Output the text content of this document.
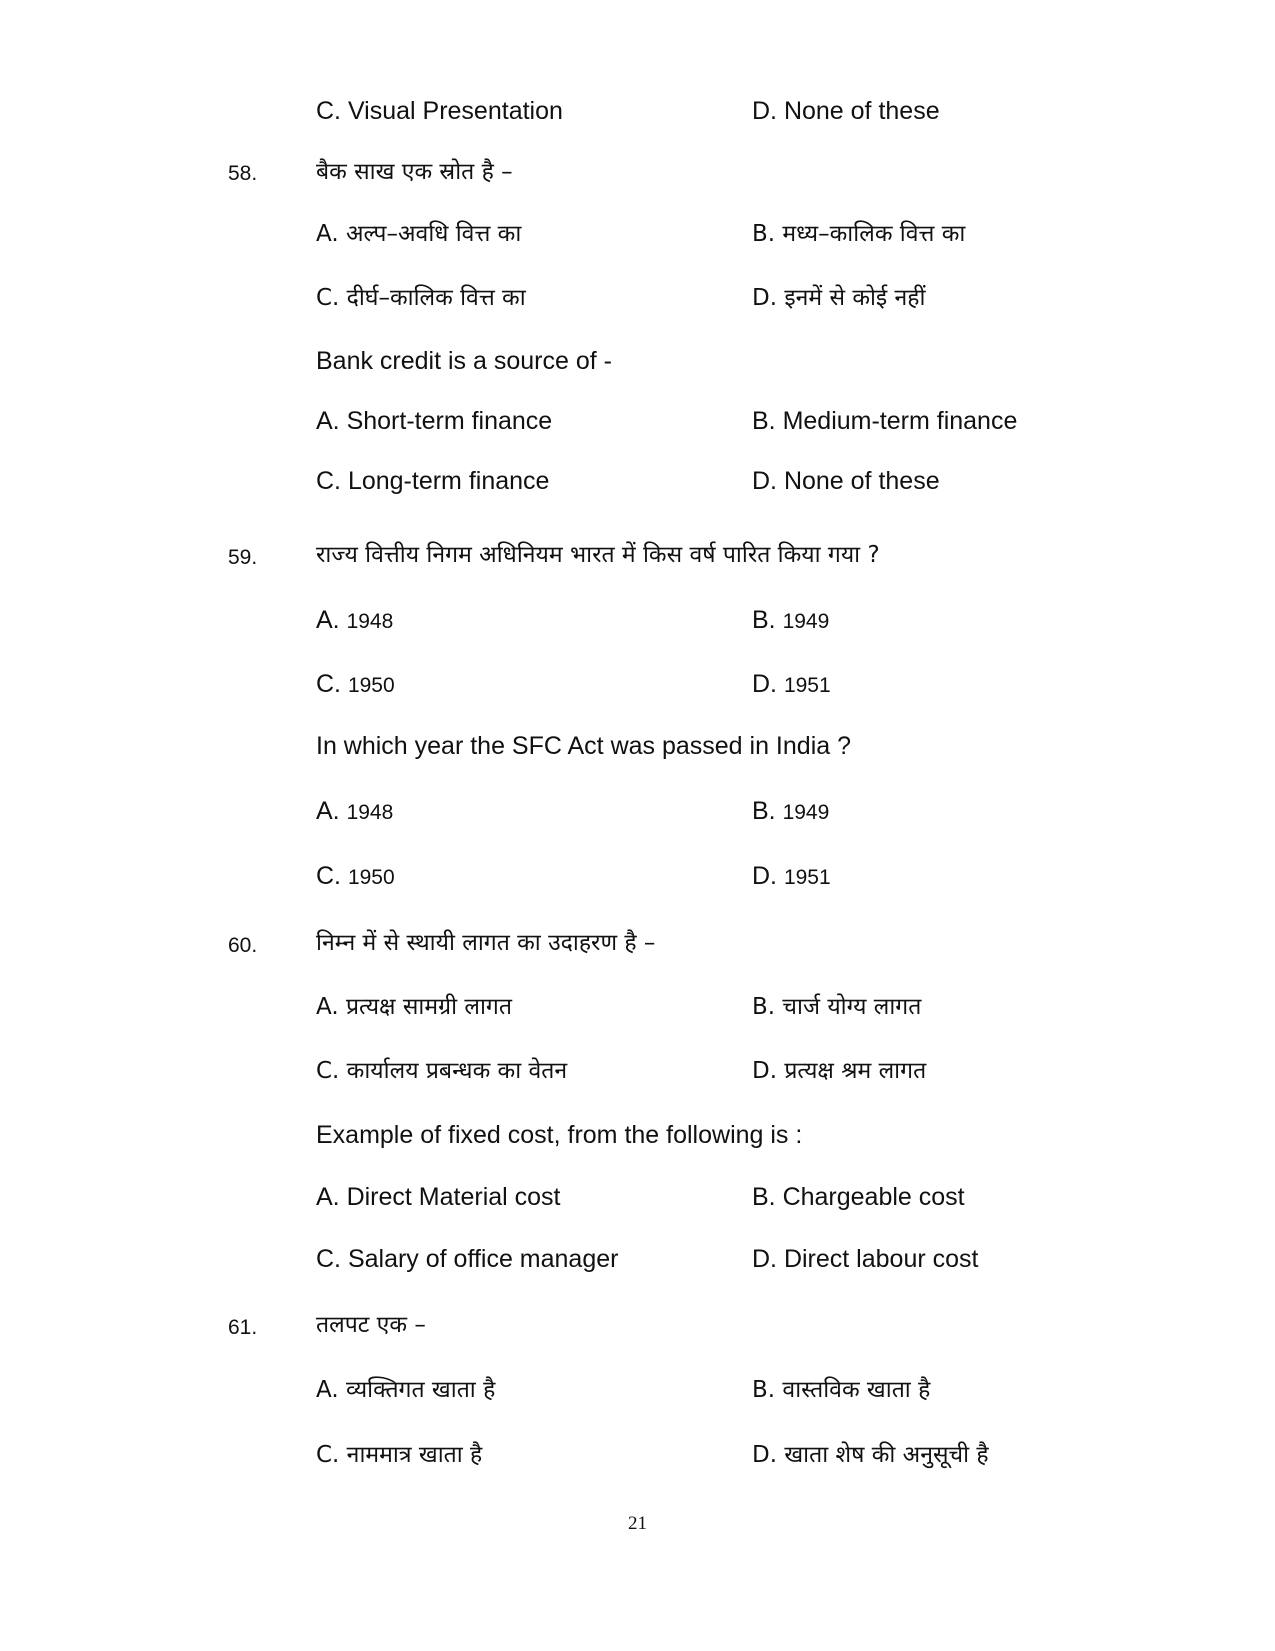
C. Visual Presentation	D. None of these
58.	बैक साख एक स्रोत है –
A. अल्प–अवधि वित्त का	B. मध्य–कालिक वित्त का
C. दीर्घ–कालिक वित्त का	D. इनमें से कोई नहीं
Bank credit is a source of -
A. Short-term finance	B. Medium-term finance
C. Long-term finance	D. None of these
59.	राज्य वित्तीय निगम अधिनियम भारत में किस वर्ष पारित किया गया ?
A. 1948	B. 1949
C. 1950	D. 1951
In which year the SFC Act was passed in India ?
A. 1948	B. 1949
C. 1950	D. 1951
60.	निम्न में से स्थायी लागत का उदाहरण है –
A. प्रत्यक्ष सामग्री लागत	B. चार्ज योग्य लागत
C. कार्यालय प्रबन्धक का वेतन	D. प्रत्यक्ष श्रम लागत
Example of fixed cost, from the following is :
A. Direct Material cost	B. Chargeable cost
C. Salary of office manager	D. Direct labour cost
61.	तलपट एक –
A. व्यक्तिगत खाता है	B. वास्तविक खाता है
C. नाममात्र खाता है	D. खाता शेष की अनुसूची है
21
